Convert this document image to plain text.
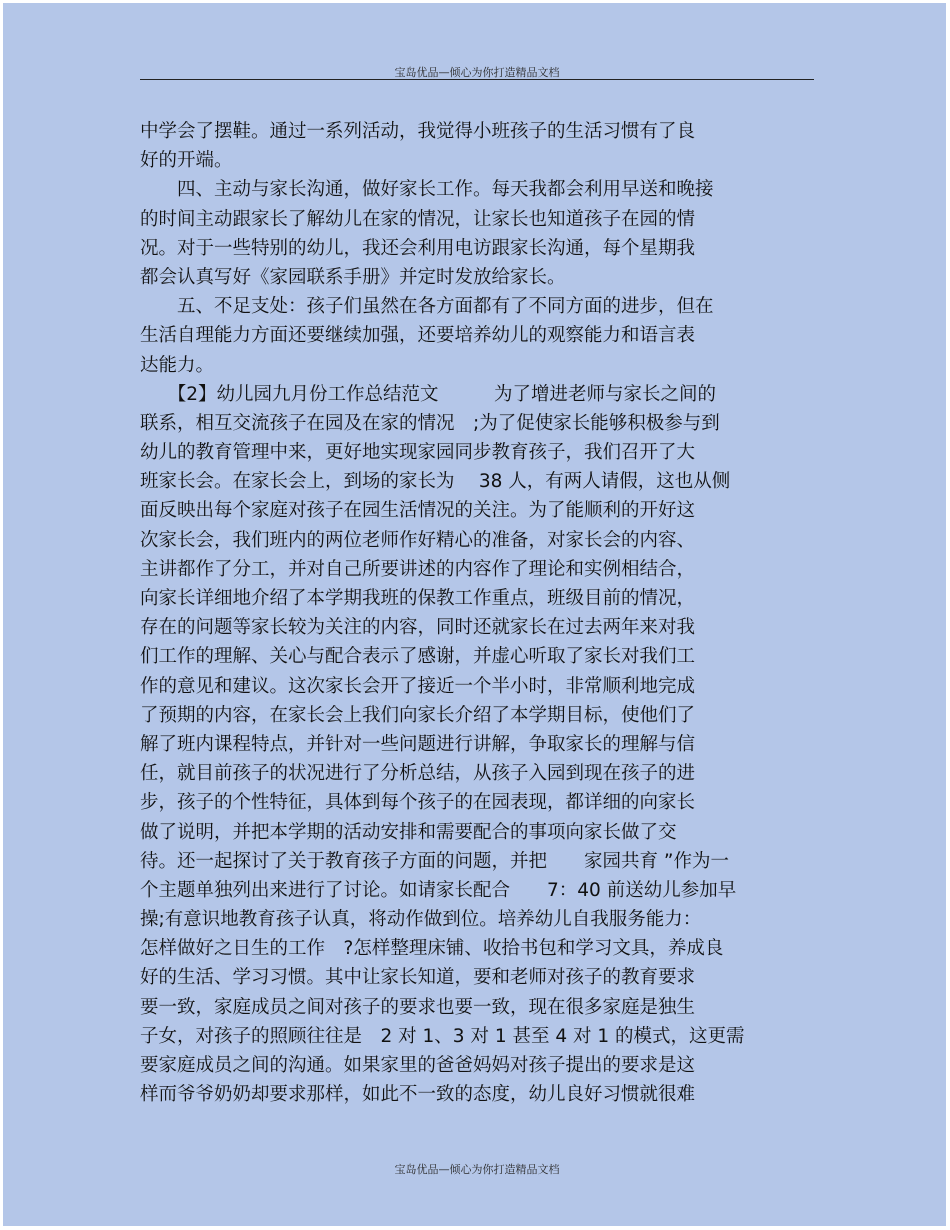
宝岛优品—倾心为你打造精品文档
中学会了摆鞋。通过一系列活动，我觉得小班孩子的生活习惯有了良
好的开端。
　　四、主动与家长沟通，做好家长工作。每天我都会利用早送和晚接
的时间主动跟家长了解幼儿在家的情况，让家长也知道孩子在园的情
况。对于一些特别的幼儿，我还会利用电访跟家长沟通，每个星期我
都会认真写好《家园联系手册》并定时发放给家长。
　　五、不足支处：孩子们虽然在各方面都有了不同方面的进步，但在
生活自理能力方面还要继续加强，还要培养幼儿的观察能力和语言表
达能力。
　　【2】幼儿园九月份工作总结范文　　　为了增进老师与家长之间的
联系，相互交流孩子在园及在家的情况　;为了促使家长能够积极参与到
幼儿的教育管理中来，更好地实现家园同步教育孩子，我们召开了大
班家长会。在家长会上，到场的家长为　 38 人，有两人请假，这也从侧
面反映出每个家庭对孩子在园生活情况的关注。为了能顺利的开好这
次家长会，我们班内的两位老师作好精心的准备，对家长会的内容、
主讲都作了分工，并对自己所要讲述的内容作了理论和实例相结合，
向家长详细地介绍了本学期我班的保教工作重点，班级目前的情况，
存在的问题等家长较为关注的内容，同时还就家长在过去两年来对我
们工作的理解、关心与配合表示了感谢，并虚心听取了家长对我们工
作的意见和建议。这次家长会开了接近一个半小时，非常顺利地完成
了预期的内容，在家长会上我们向家长介绍了本学期目标，使他们了
解了班内课程特点，并针对一些问题进行讲解，争取家长的理解与信
任，就目前孩子的状况进行了分析总结，从孩子入园到现在孩子的进
步，孩子的个性特征，具体到每个孩子的在园表现，都详细的向家长
做了说明，并把本学期的活动安排和需要配合的事项向家长做了交
待。还一起探讨了关于教育孩子方面的问题，并把　　家园共育 ”作为一
个主题单独列出来进行了讨论。如请家长配合　　7：40 前送幼儿参加早
操;有意识地教育孩子认真，将动作做到位。培养幼儿自我服务能力：
怎样做好之日生的工作　?怎样整理床铺、收拾书包和学习文具，养成良
好的生活、学习习惯。其中让家长知道，要和老师对孩子的教育要求
要一致，家庭成员之间对孩子的要求也要一致，现在很多家庭是独生
子女，对孩子的照顾往往是　2 对 1、3 对 1 甚至 4 对 1 的模式，这更需
要家庭成员之间的沟通。如果家里的爸爸妈妈对孩子提出的要求是这
样而爷爷奶奶却要求那样，如此不一致的态度，幼儿良好习惯就很难
宝岛优品—倾心为你打造精品文档
